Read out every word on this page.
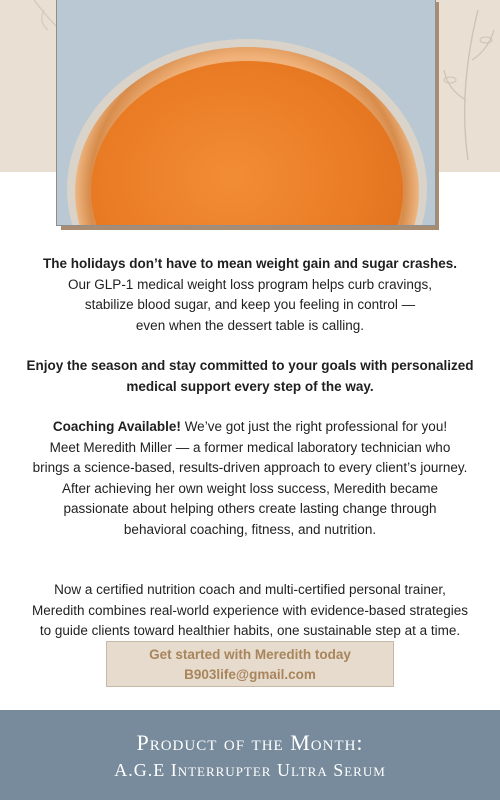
The holidays don’t have to mean weight gain and sugar crashes.

Our GLP-1 medical weight loss program helps curb cravings,

stabilize blood sugar, and keep you feeling in control —

even when the dessert table is calling.

Enjoy the season and stay committed to your goals with personalized

medical support every step of the way.

Coaching Available! We’ve got just the right professional for you!

Meet Meredith Miller — a former medical laboratory technician who

brings a science-based, results-driven approach to every client’s journey.

After achieving her own weight loss success, Meredith became

passionate about helping others create lasting change through

behavioral coaching, fitness, and nutrition.

Now a certified nutrition coach and multi-certified personal trainer,

Meredith combines real-world experience with evidence-based strategies

to guide clients toward healthier habits, one sustainable step at a time.

Get started with Meredith today
B903life@gmail.com
Product of the Month:
A.G.E Interrupter Ultra Serum
